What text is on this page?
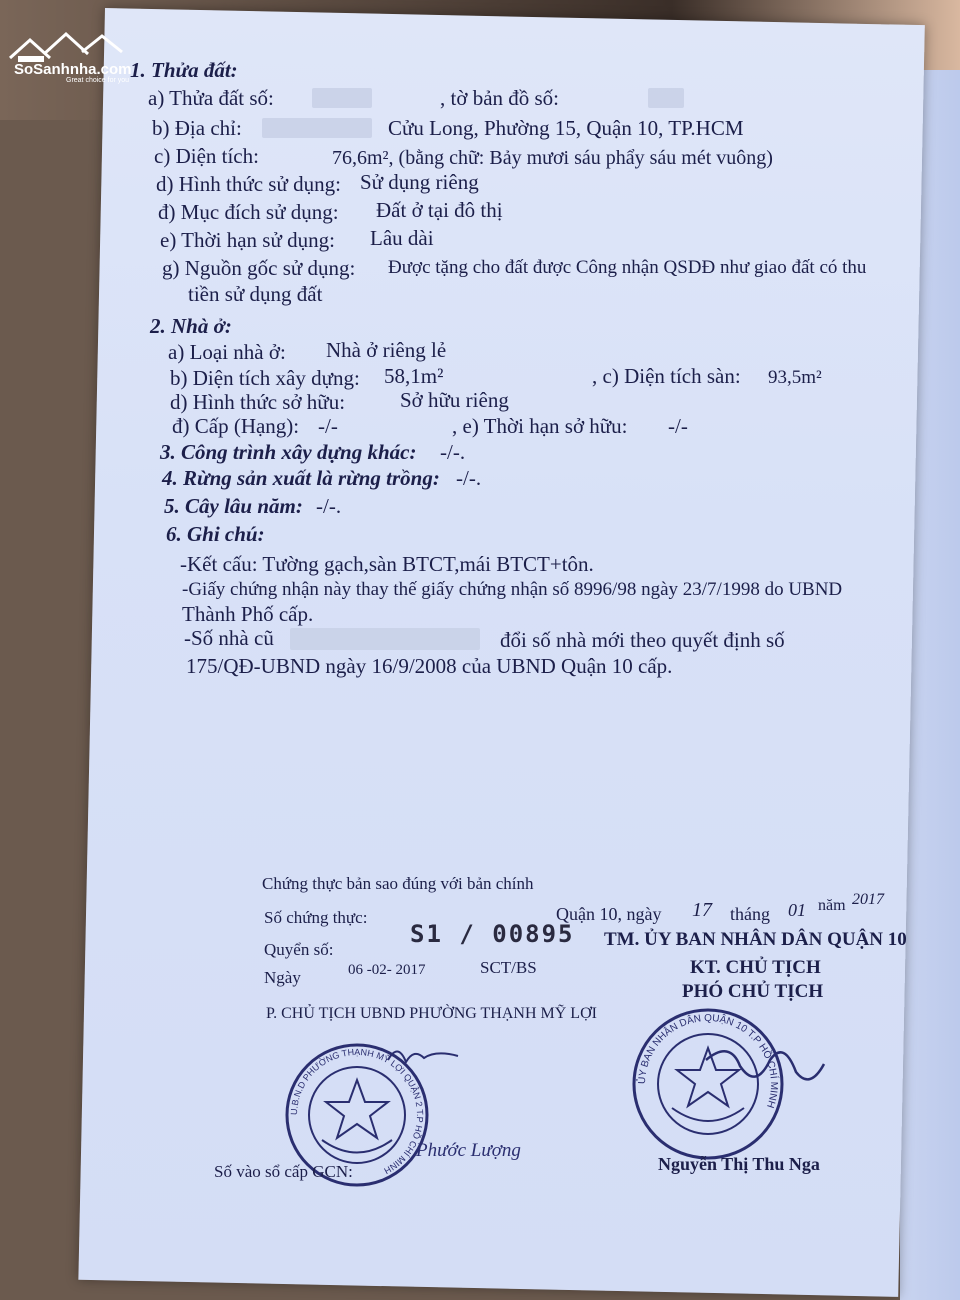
SoSanhnha.com
Great choice for you 1. Thửa đất:
a) Thửa đất số:	, tờ bản đồ số:
b) Địa chỉ:	Cửu Long, Phường 15, Quận 10, TP.HCM
c) Diện tích:	76,6m², (bằng chữ: Bảy mươi sáu phẩy sáu mét vuông)
d) Hình thức sử dụng: Sử dụng riêng
đ) Mục đích sử dụng: Đất ở tại đô thị
e) Thời hạn sử dụng: Lâu dài
g) Nguồn gốc sử dụng: Được tặng cho đất được Công nhận QSDĐ như giao đất có thu
tiền sử dụng đất
2. Nhà ở:
a) Loại nhà ở: Nhà ở riêng lẻ
b) Diện tích xây dựng: 58,1m²	, c) Diện tích sàn: 93,5m²
d) Hình thức sở hữu:	Sở hữu riêng
đ) Cấp (Hạng): -/-	, e) Thời hạn sở hữu: -/-
3. Công trình xây dựng khác: -/-.
4. Rừng sản xuất là rừng trồng: -/-.
5. Cây lâu năm: -/-.
6. Ghi chú:
-Kết cấu: Tường gạch,sàn BTCT,mái BTCT+tôn.
-Giấy chứng nhận này thay thế giấy chứng nhận số 8996/98 ngày 23/7/1998 do UBND
Thành Phố cấp.
-Số nhà cũ	đổi số nhà mới theo quyết định số
175/QĐ-UBND ngày 16/9/2008 của UBND Quận 10 cấp.
Chứng thực bản sao đúng với bản chính
Số chứng thực:
S1 / 00895
Quyển số:
SCT/BS
Ngày	06 -02- 2017
P. CHỦ TỊCH UBND PHƯỜNG THẠNH MỸ LỢI
Quận 10, ngày 17 tháng 01 năm 2017
TM. ỦY BAN NHÂN DÂN QUẬN 10
KT. CHỦ TỊCH
PHÓ CHỦ TỊCH
U.B.N.D PHƯỜNG THẠNH MỸ LỢI QUẬN 2 T.P HỒ CHÍ MINH
Phước Lượng
ỦY BAN NHÂN DÂN QUẬN 10 T.P HỒ CHÍ MINH
Nguyễn Thị Thu Nga
Số vào sổ cấp GCN:
